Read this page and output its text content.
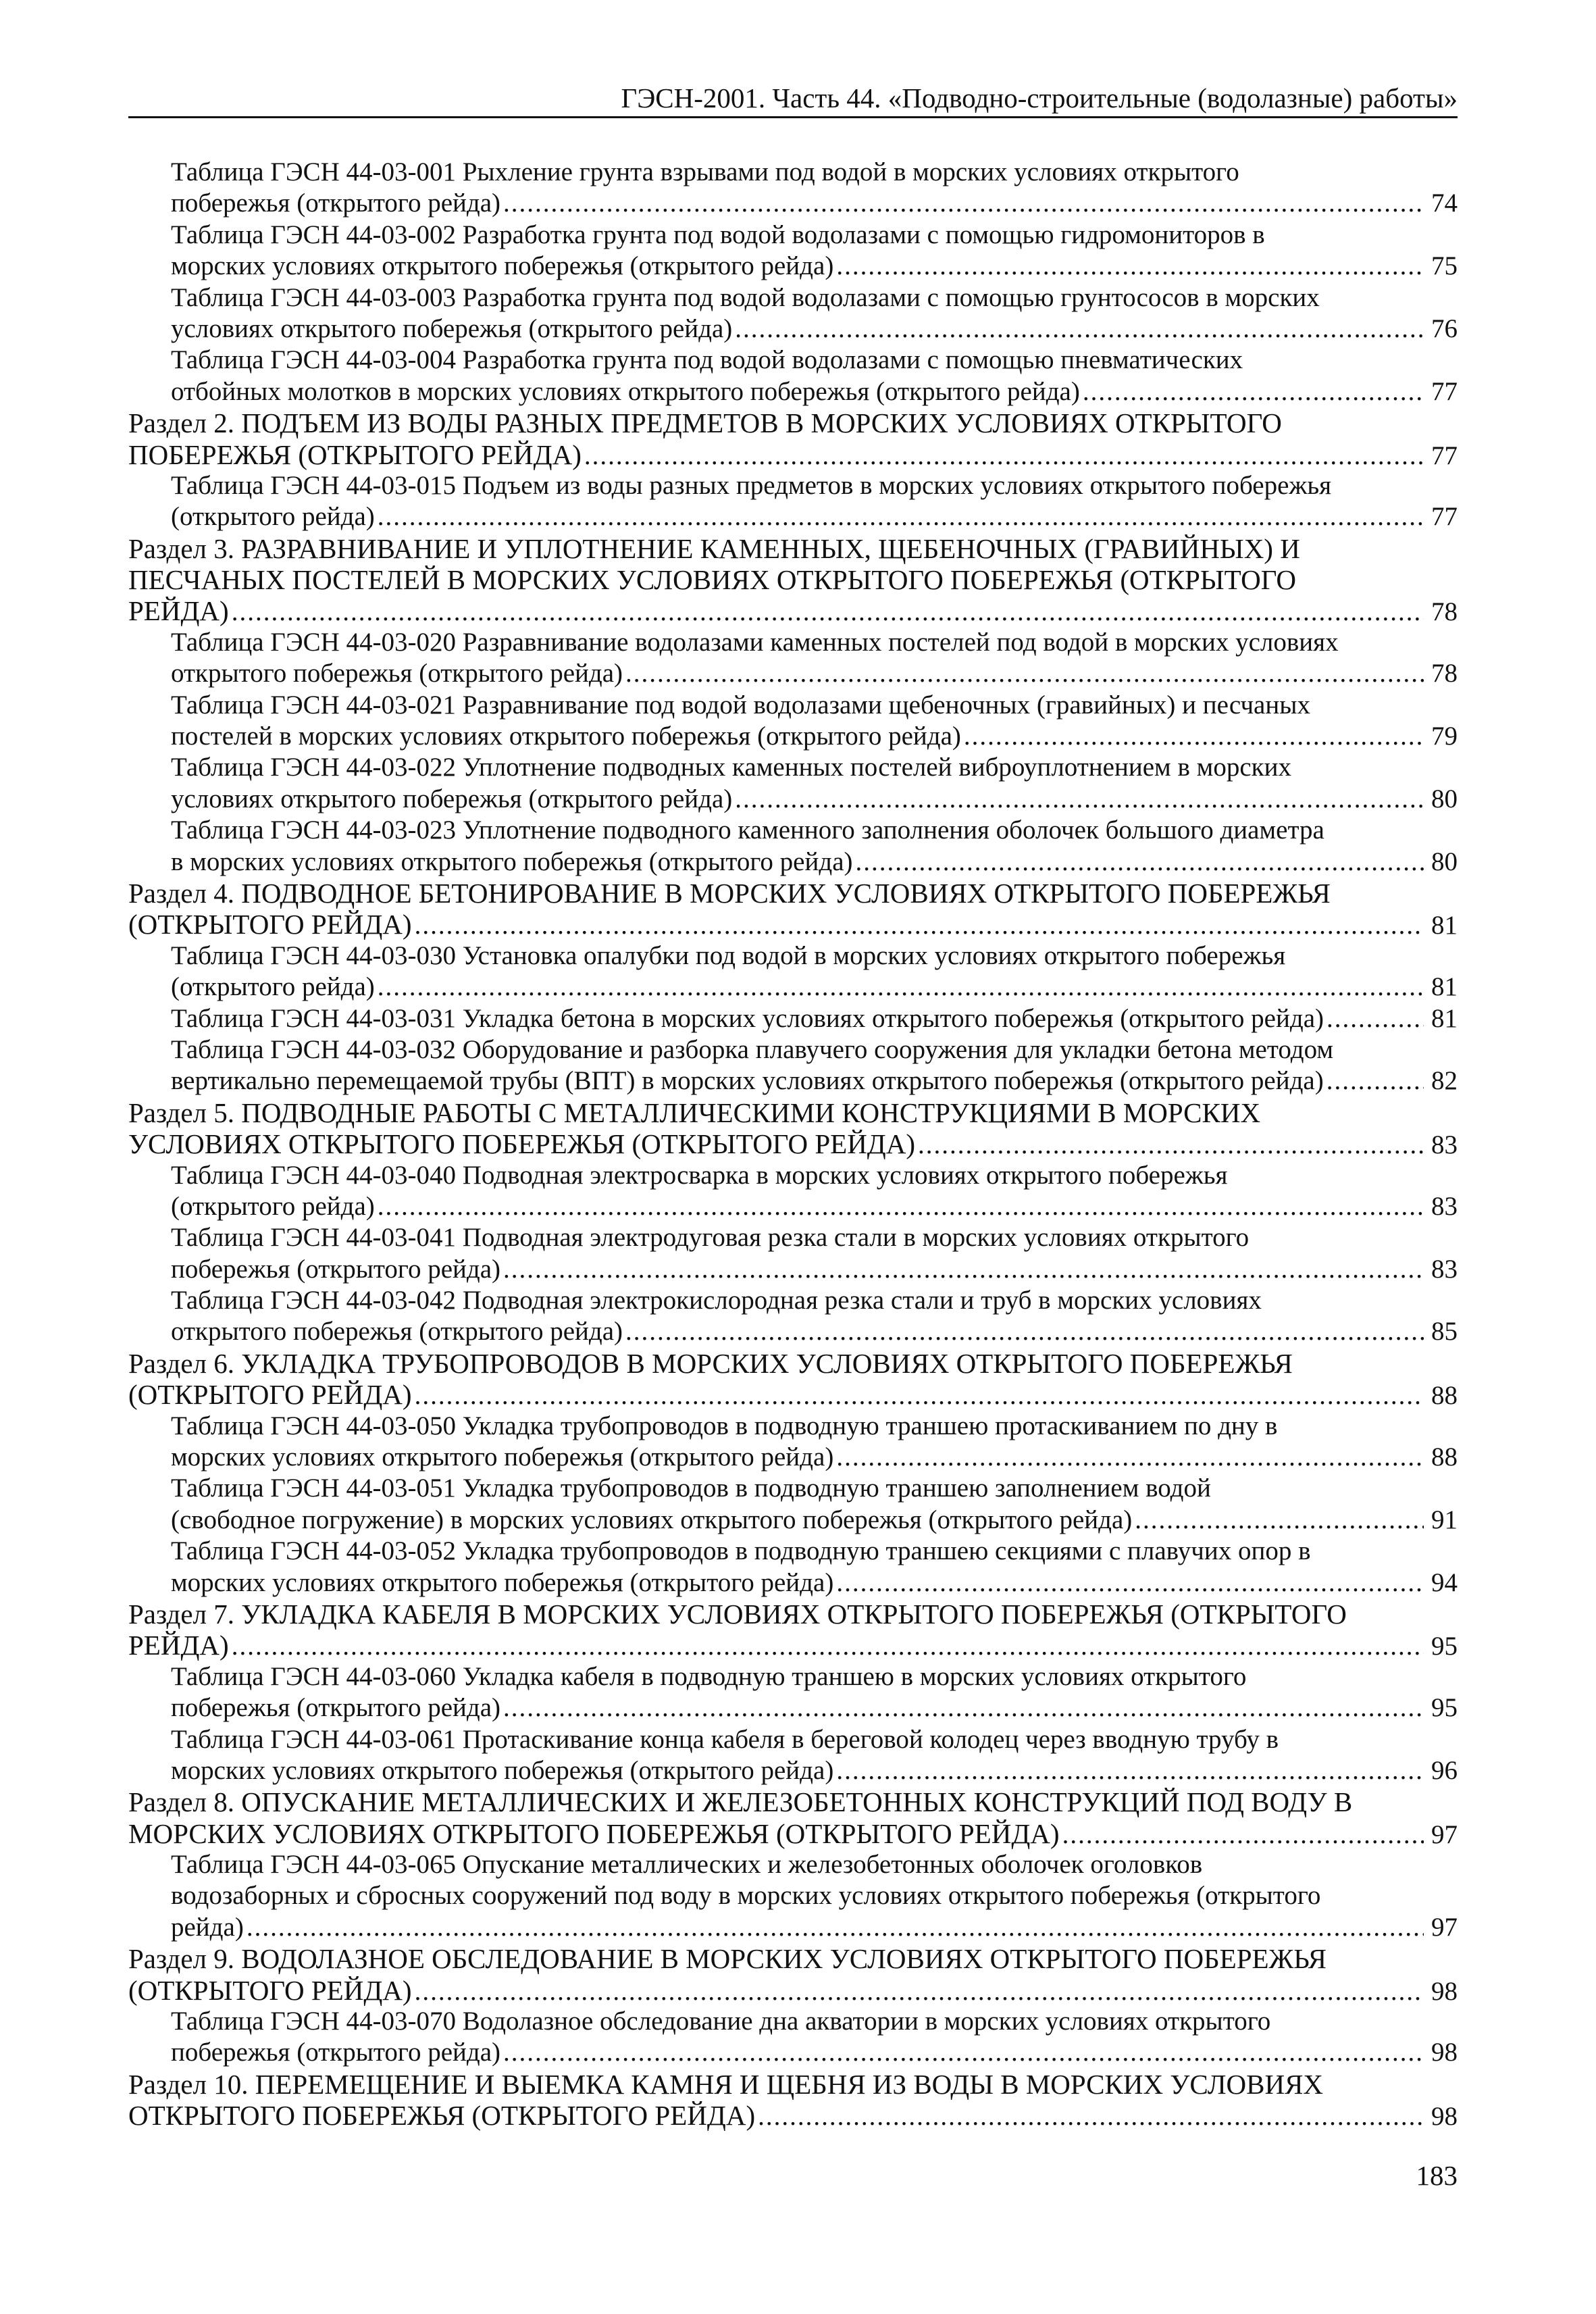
ГЭСН-2001. Часть 44. «Подводно-строительные (водолазные) работы»
Таблица ГЭСН 44-03-001 Рыхление грунта взрывами под водой в морских условиях открытого
побережья (открытого рейда) .....	74
Таблица ГЭСН 44-03-002 Разработка грунта под водой водолазами с помощью гидромониторов в
морских условиях открытого побережья (открытого рейда) .....	75
Таблица ГЭСН 44-03-003 Разработка грунта под водой водолазами с помощью грунтососов в морских
условиях открытого побережья (открытого рейда) .....	76
Таблица ГЭСН 44-03-004 Разработка грунта под водой водолазами с помощью пневматических
отбойных молотков в морских условиях открытого побережья (открытого рейда) .....	77
Раздел 2. ПОДЪЕМ ИЗ ВОДЫ РАЗНЫХ ПРЕДМЕТОВ В МОРСКИХ УСЛОВИЯХ ОТКРЫТОГО
ПОБЕРЕЖЬЯ (ОТКРЫТОГО РЕЙДА) .....	77
Таблица ГЭСН 44-03-015 Подъем из воды разных предметов в морских условиях открытого побережья
(открытого рейда) .....	77
Раздел 3. РАЗРАВНИВАНИЕ И УПЛОТНЕНИЕ КАМЕННЫХ, ЩЕБЕНОЧНЫХ (ГРАВИЙНЫХ) И
ПЕСЧАНЫХ ПОСТЕЛЕЙ В МОРСКИХ УСЛОВИЯХ ОТКРЫТОГО ПОБЕРЕЖЬЯ (ОТКРЫТОГО
РЕЙДА) .....	78
Таблица ГЭСН 44-03-020 Разравнивание водолазами каменных постелей под водой в морских условиях
открытого побережья (открытого рейда) .....	78
Таблица ГЭСН 44-03-021 Разравнивание под водой водолазами щебеночных (гравийных) и песчаных
постелей в морских условиях открытого побережья (открытого рейда) .....	79
Таблица ГЭСН 44-03-022 Уплотнение подводных каменных постелей виброуплотнением в морских
условиях открытого побережья (открытого рейда) .....	80
Таблица ГЭСН 44-03-023 Уплотнение подводного каменного заполнения оболочек большого диаметра
в морских условиях открытого побережья (открытого рейда) .....	80
Раздел 4. ПОДВОДНОЕ БЕТОНИРОВАНИЕ В МОРСКИХ УСЛОВИЯХ ОТКРЫТОГО ПОБЕРЕЖЬЯ
(ОТКРЫТОГО РЕЙДА) .....	81
Таблица ГЭСН 44-03-030 Установка опалубки под водой в морских условиях открытого побережья
(открытого рейда) .....	81
Таблица ГЭСН 44-03-031 Укладка бетона в морских условиях открытого побережья (открытого рейда) .....	81
Таблица ГЭСН 44-03-032 Оборудование и разборка плавучего сооружения для укладки бетона методом
вертикально перемещаемой трубы (ВПТ) в морских условиях открытого побережья (открытого рейда) .....	82
Раздел 5. ПОДВОДНЫЕ РАБОТЫ С МЕТАЛЛИЧЕСКИМИ КОНСТРУКЦИЯМИ В МОРСКИХ
УСЛОВИЯХ ОТКРЫТОГО ПОБЕРЕЖЬЯ (ОТКРЫТОГО РЕЙДА) .....	83
Таблица ГЭСН 44-03-040 Подводная электросварка в морских условиях открытого побережья
(открытого рейда) .....	83
Таблица ГЭСН 44-03-041 Подводная электродуговая резка стали в морских условиях открытого
побережья (открытого рейда) .....	83
Таблица ГЭСН 44-03-042 Подводная электрокислородная резка стали и труб в морских условиях
открытого побережья (открытого рейда) .....	85
Раздел 6. УКЛАДКА ТРУБОПРОВОДОВ В МОРСКИХ УСЛОВИЯХ ОТКРЫТОГО ПОБЕРЕЖЬЯ
(ОТКРЫТОГО РЕЙДА) .....	88
Таблица ГЭСН 44-03-050 Укладка трубопроводов в подводную траншею протаскиванием по дну в
морских условиях открытого побережья (открытого рейда) .....	88
Таблица ГЭСН 44-03-051 Укладка трубопроводов в подводную траншею заполнением водой
(свободное погружение) в морских условиях открытого побережья (открытого рейда) .....	91
Таблица ГЭСН 44-03-052 Укладка трубопроводов в подводную траншею секциями с плавучих опор в
морских условиях открытого побережья (открытого рейда) .....	94
Раздел 7. УКЛАДКА КАБЕЛЯ В МОРСКИХ УСЛОВИЯХ ОТКРЫТОГО ПОБЕРЕЖЬЯ (ОТКРЫТОГО
РЕЙДА) .....	95
Таблица ГЭСН 44-03-060 Укладка кабеля в подводную траншею в морских условиях открытого
побережья (открытого рейда) .....	95
Таблица ГЭСН 44-03-061 Протаскивание конца кабеля в береговой колодец через вводную трубу в
морских условиях открытого побережья (открытого рейда) .....	96
Раздел 8. ОПУСКАНИЕ МЕТАЛЛИЧЕСКИХ И ЖЕЛЕЗОБЕТОННЫХ КОНСТРУКЦИЙ ПОД ВОДУ В
МОРСКИХ УСЛОВИЯХ ОТКРЫТОГО ПОБЕРЕЖЬЯ (ОТКРЫТОГО РЕЙДА) .....	97
Таблица ГЭСН 44-03-065 Опускание металлических и железобетонных оболочек оголовков
водозаборных и сбросных сооружений под воду в морских условиях открытого побережья (открытого
рейда) .....	97
Раздел 9. ВОДОЛАЗНОЕ ОБСЛЕДОВАНИЕ В МОРСКИХ УСЛОВИЯХ ОТКРЫТОГО ПОБЕРЕЖЬЯ
(ОТКРЫТОГО РЕЙДА) .....	98
Таблица ГЭСН 44-03-070 Водолазное обследование дна акватории в морских условиях открытого
побережья (открытого рейда) .....	98
Раздел 10. ПЕРЕМЕЩЕНИЕ И ВЫЕМКА КАМНЯ И ЩЕБНЯ ИЗ ВОДЫ В МОРСКИХ УСЛОВИЯХ
ОТКРЫТОГО ПОБЕРЕЖЬЯ (ОТКРЫТОГО РЕЙДА) .....	98
183
